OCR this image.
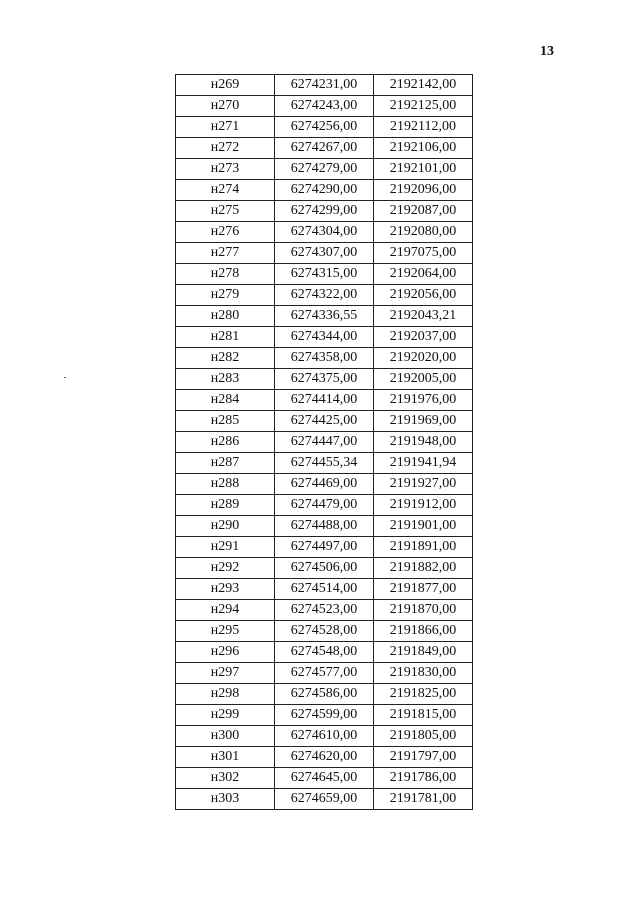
13
н269	6274231,00	2192142,00
н270	6274243,00	2192125,00
н271	6274256,00	2192112,00
н272	6274267,00	2192106,00
н273	6274279,00	2192101,00
н274	6274290,00	2192096,00
н275	6274299,00	2192087,00
н276	6274304,00	2192080,00
н277	6274307,00	2197075,00
н278	6274315,00	2192064,00
н279	6274322,00	2192056,00
н280	6274336,55	2192043,21
н281	6274344,00	2192037,00
н282	6274358,00	2192020,00
н283	6274375,00	2192005,00
н284	6274414,00	2191976,00
н285	6274425,00	2191969,00
н286	6274447,00	2191948,00
н287	6274455,34	2191941,94
н288	6274469,00	2191927,00
н289	6274479,00	2191912,00
н290	6274488,00	2191901,00
н291	6274497,00	2191891,00
н292	6274506,00	2191882,00
н293	6274514,00	2191877,00
н294	6274523,00	2191870,00
н295	6274528,00	2191866,00
н296	6274548,00	2191849,00
н297	6274577,00	2191830,00
н298	6274586,00	2191825,00
н299	6274599,00	2191815,00
н300	6274610,00	2191805,00
н301	6274620,00	2191797,00
н302	6274645,00	2191786,00
н303	6274659,00	2191781,00
